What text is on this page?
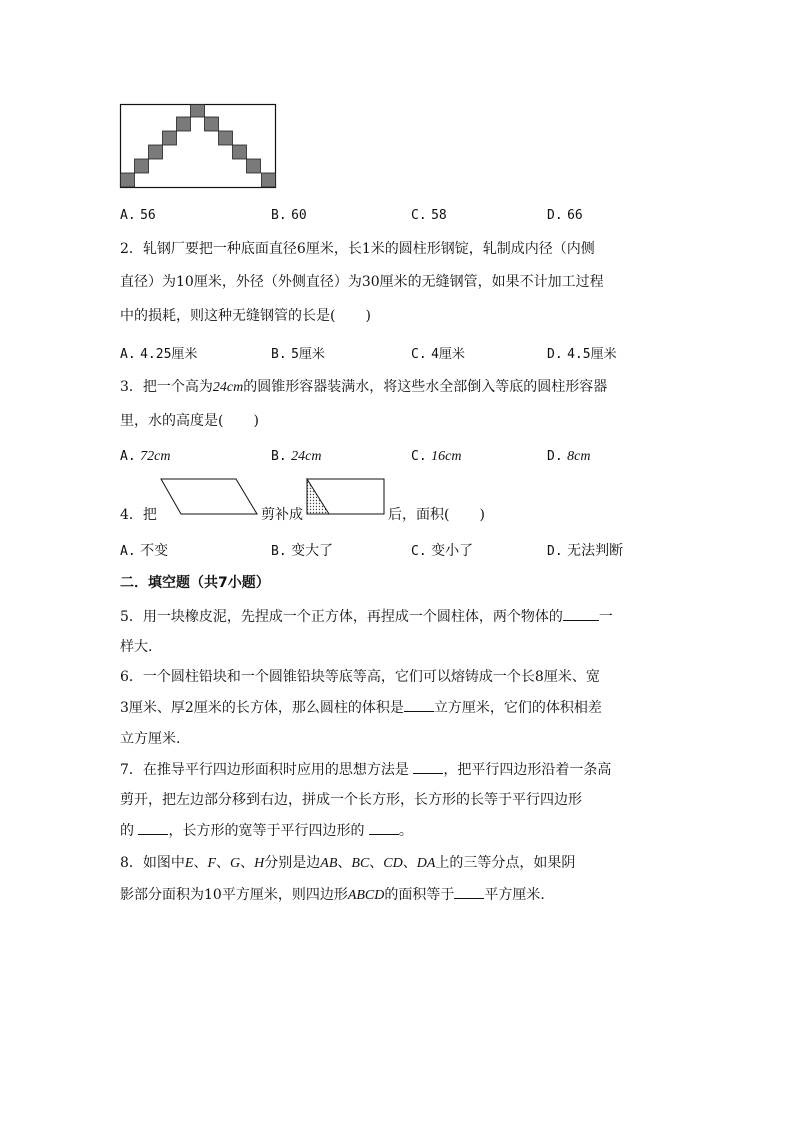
A. 56	B. 60	C. 58	D. 66
2．轧钢厂要把一种底面直径6厘米，长1米的圆柱形钢锭，轧制成内径（内侧
直径）为10厘米，外径（外侧直径）为30厘米的无缝钢管，如果不计加工过程
中的损耗，则这种无缝钢管的长是( )
A. 4.25厘米	B. 5厘米	C. 4厘米	D. 4.5厘米
3．把一个高为24cm的圆锥形容器装满水，将这些水全部倒入等底的圆柱形容器
里，水的高度是( )
A. 72cm	B. 24cm	C. 16cm	D. 8cm
4．把	剪补成	后，面积( )
A. 不变	B. 变大了	C. 变小了	D. 无法判断
二．填空题（共7小题）
5．用一块橡皮泥，先捏成一个正方体，再捏成一个圆柱体，两个物体的	一
样大.
6．一个圆柱铅块和一个圆锥铅块等底等高，它们可以熔铸成一个长8厘米、宽
3厘米、厚2厘米的长方体，那么圆柱的体积是 立方厘米，它们的体积相差
立方厘米.
7．在推导平行四边形面积时应用的思想方法是 ，把平行四边形沿着一条高
剪开，把左边部分移到右边，拼成一个长方形，长方形的长等于平行四边形
的 ，长方形的宽等于平行四边形的 。
8．如图中E、F、G、H分别是边AB、BC、CD、DA上的三等分点，如果阴
影部分面积为10平方厘米，则四边形ABCD的面积等于 平方厘米.
